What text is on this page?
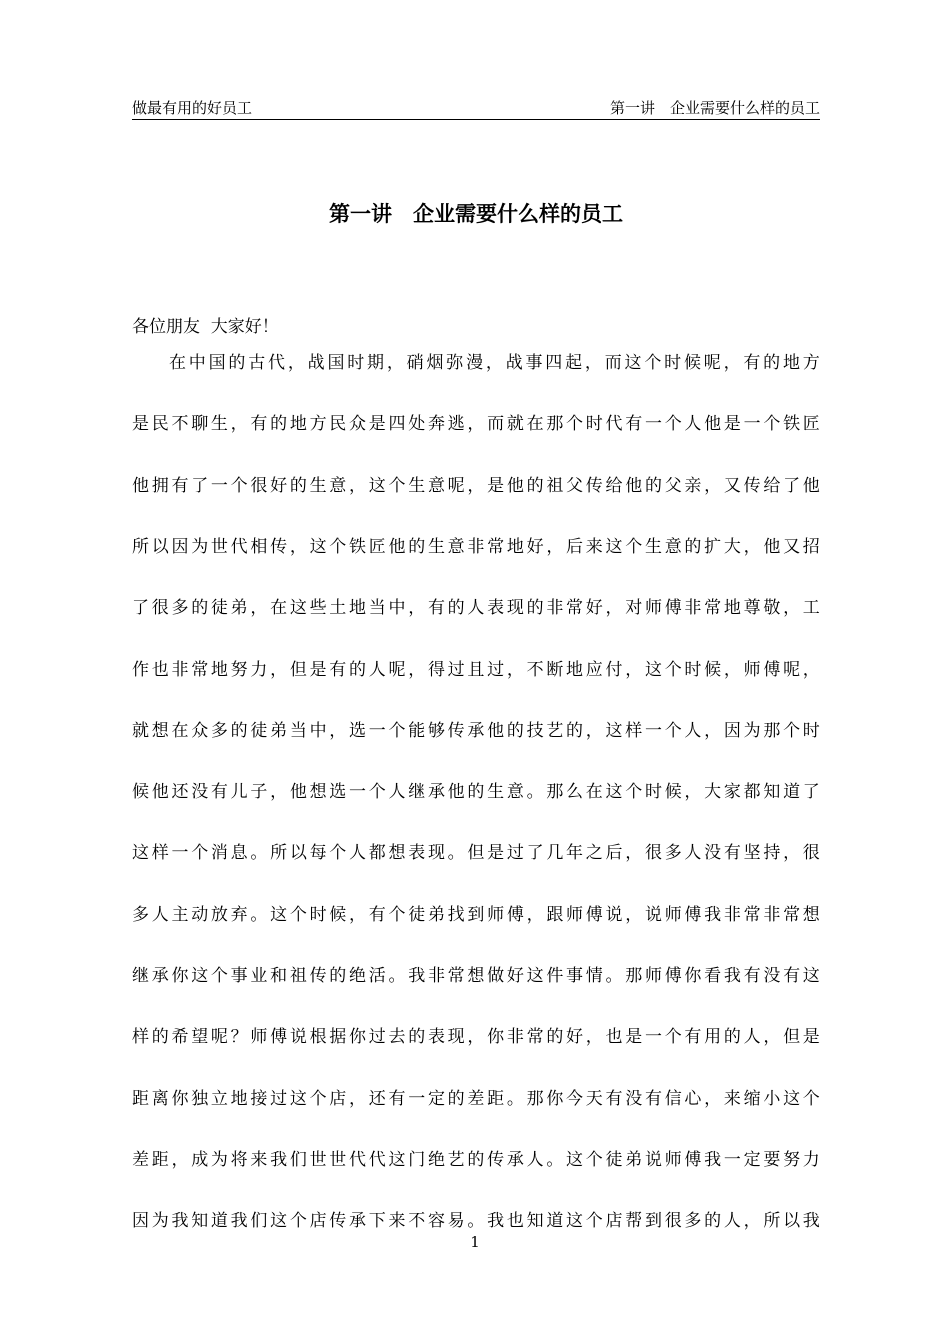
做最有用的好员工	第一讲　企业需要什么样的员工
第一讲　企业需要什么样的员工
各位朋友  大家好！
在中国的古代，战国时期，硝烟弥漫，战事四起，而这个时候呢，有的地方
是民不聊生，有的地方民众是四处奔逃，而就在那个时代有一个人他是一个铁匠
他拥有了一个很好的生意，这个生意呢，是他的祖父传给他的父亲，又传给了他
所以因为世代相传，这个铁匠他的生意非常地好，后来这个生意的扩大，他又招
了很多的徒弟，在这些土地当中，有的人表现的非常好，对师傅非常地尊敬，工
作也非常地努力，但是有的人呢，得过且过，不断地应付，这个时候，师傅呢，
就想在众多的徒弟当中，选一个能够传承他的技艺的，这样一个人，因为那个时
候他还没有儿子，他想选一个人继承他的生意。那么在这个时候，大家都知道了
这样一个消息。所以每个人都想表现。但是过了几年之后，很多人没有坚持，很
多人主动放弃。这个时候，有个徒弟找到师傅，跟师傅说，说师傅我非常非常想
继承你这个事业和祖传的绝活。我非常想做好这件事情。那师傅你看我有没有这
样的希望呢？师傅说根据你过去的表现，你非常的好，也是一个有用的人，但是
距离你独立地接过这个店，还有一定的差距。那你今天有没有信心，来缩小这个
差距，成为将来我们世世代代这门绝艺的传承人。这个徒弟说师傅我一定要努力
因为我知道我们这个店传承下来不容易。我也知道这个店帮到很多的人，所以我
1
